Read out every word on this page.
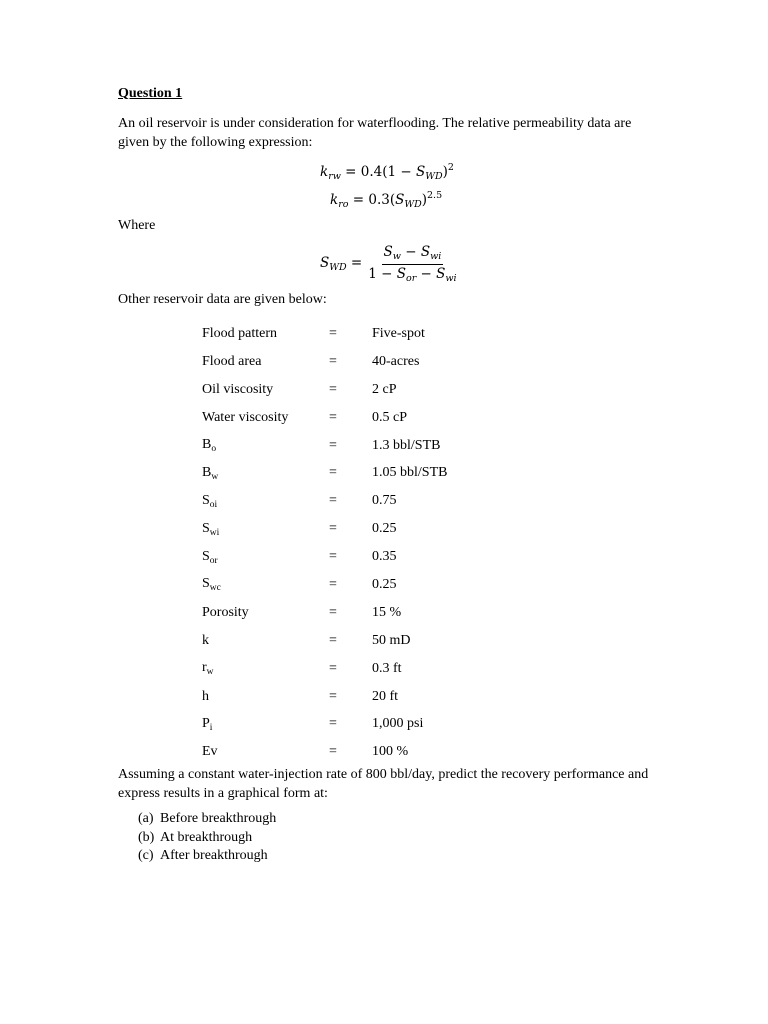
Question 1
An oil reservoir is under consideration for waterflooding. The relative permeability data are given by the following expression:
$k_{rw} = 0.4(1 - S_{WD})^2$
$k_{ro} = 0.3(S_{WD})^{2.5}$
Where
$S_{WD} = \frac{S_w - S_{wi}}{1 - S_{or} - S_{wi}}$
Other reservoir data are given below:
Flood pattern	=	Five-spot
Flood area	=	40-acres
Oil viscosity	=	2 cP
Water viscosity	=	0.5 cP
$B_o$	=	1.3 bbl/STB
$B_w$	=	1.05 bbl/STB
$S_{oi}$	=	0.75
$S_{wi}$	=	0.25
$S_{or}$	=	0.35
$S_{wc}$	=	0.25
Porosity	=	15 %
k	=	50 mD
$r_w$	=	0.3 ft
h	=	20 ft
$P_i$	=	1,000 psi
Ev	=	100 %
Assuming a constant water-injection rate of 800 bbl/day, predict the recovery performance and express results in a graphical form at:
(a) Before breakthrough
(b) At breakthrough
(c) After breakthrough
